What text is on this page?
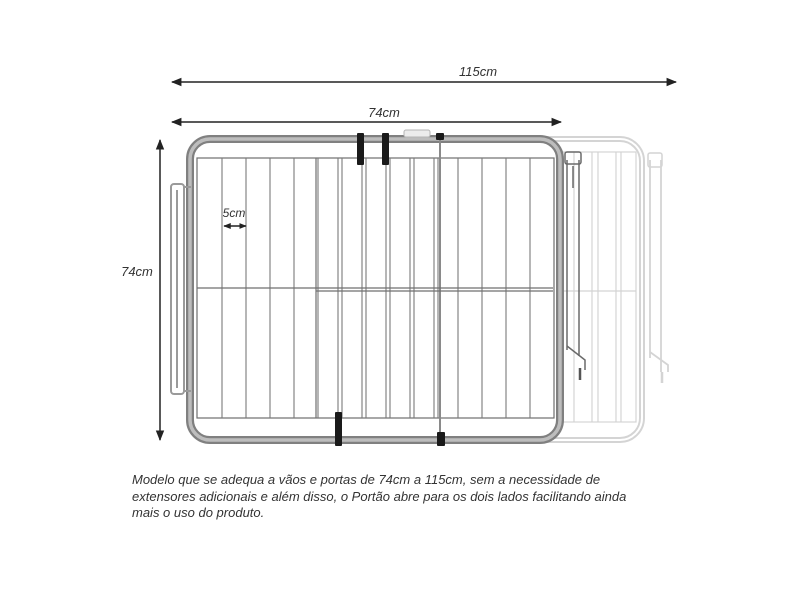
115cm
74cm
74cm
5cm
Modelo que se adequa a vãos e portas de 74cm a 115cm, sem a necessidade de
extensores adicionais e além disso, o Portão abre para os dois lados facilitando ainda
mais o uso do produto.
